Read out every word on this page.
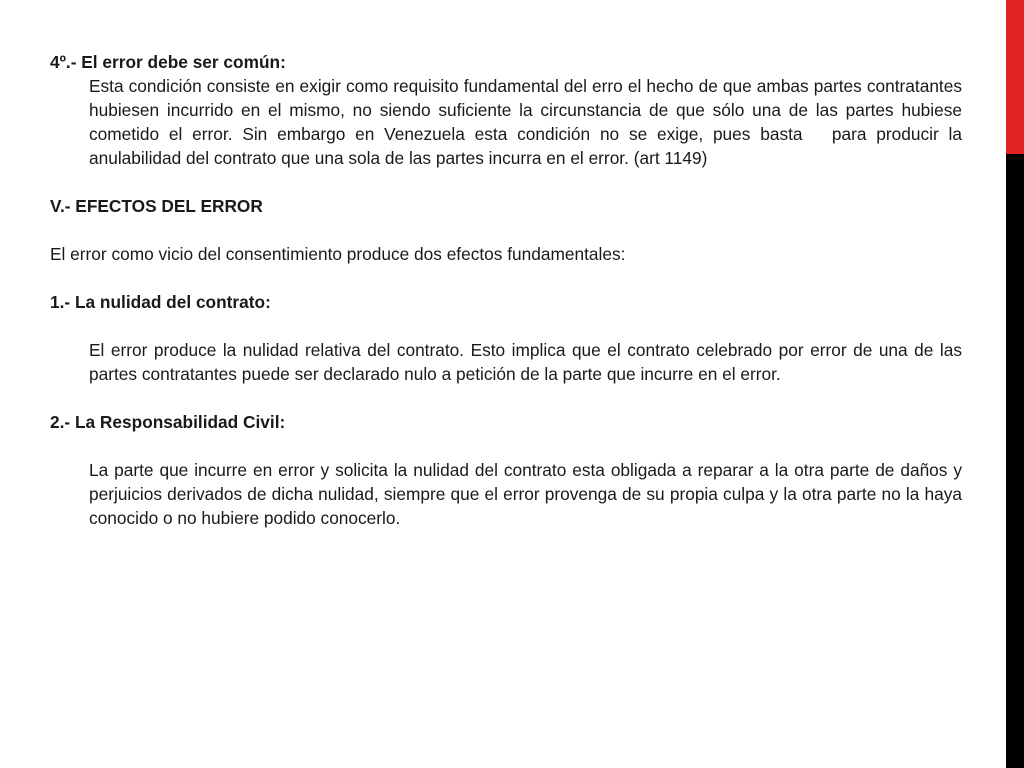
4º.- El error debe ser común:

Esta condición consiste en exigir como requisito fundamental del erro el hecho de que ambas partes contratantes hubiesen incurrido en el mismo, no siendo suficiente la circunstancia de que sólo una de las partes hubiese cometido el error. Sin embargo en Venezuela esta condición no se exige, pues basta   para producir la anulabilidad del contrato que una sola de las partes incurra en el error. (art 1149)

V.- EFECTOS DEL ERROR

El error como vicio del consentimiento produce dos efectos fundamentales:

1.- La nulidad del contrato:

El error produce la nulidad relativa del contrato. Esto implica que el contrato celebrado por error de una de las partes contratantes puede ser declarado nulo a petición de la parte que incurre en el error.

2.- La Responsabilidad Civil:

La parte que incurre en error y solicita la nulidad del contrato esta obligada a reparar a la otra parte de daños y perjuicios derivados de dicha nulidad, siempre que el error provenga de su propia culpa y la otra parte no la haya conocido o no hubiere podido conocerlo.
